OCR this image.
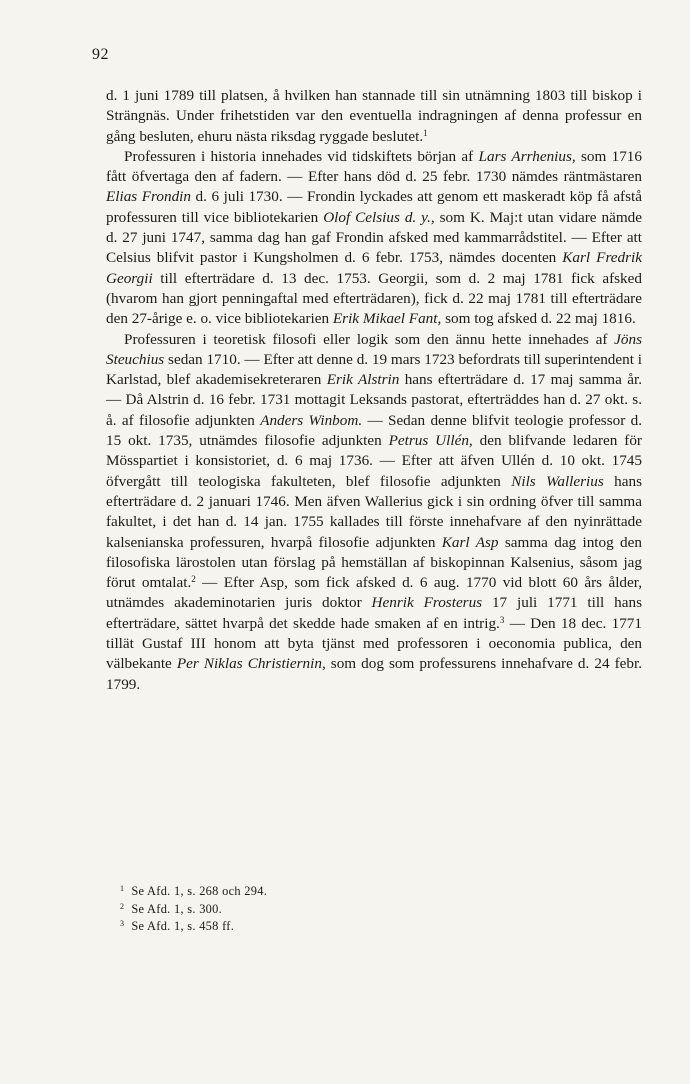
92

d. 1 juni 1789 till platsen, å hvilken han stannade till sin utnämning 1803 till biskop i Strängnäs. Under frihetstiden var den eventuella indragningen af denna professur en gång besluten, ehuru nästa riksdag ryggade beslutet.$^1$

Professuren i historia innehades vid tidskiftets början af Lars Arrhenius, som 1716 fått öfvertaga den af fadern. — Efter hans död d. 25 febr. 1730 nämdes räntmästaren Elias Frondin d. 6 juli 1730. — Frondin lyckades att genom ett maskeradt köp få afstå professuren till vice bibliotekarien Olof Celsius d. y., som K. Maj:t utan vidare nämde d. 27 juni 1747, samma dag han gaf Frondin afsked med kammarrådstitel. — Efter att Celsius blifvit pastor i Kungsholmen d. 6 febr. 1753, nämdes docenten Karl Fredrik Georgii till efterträdare d. 13 dec. 1753. Georgii, som d. 2 maj 1781 fick afsked (hvarom han gjort penningaftal med efterträdaren), fick d. 22 maj 1781 till efterträdare den 27-årige e. o. vice bibliotekarien Erik Mikael Fant, som tog afsked d. 22 maj 1816.

Professuren i teoretisk filosofi eller logik som den ännu hette innehades af Jöns Steuchius sedan 1710. — Efter att denne d. 19 mars 1723 befordrats till superintendent i Karlstad, blef akademisekreteraren Erik Alstrin hans efterträdare d. 17 maj samma år. — Då Alstrin d. 16 febr. 1731 mottagit Leksands pastorat, efterträddes han d. 27 okt. s. å. af filosofie adjunkten Anders Winbom. — Sedan denne blifvit teologie professor d. 15 okt. 1735, utnämdes filosofie adjunkten Petrus Ullén, den blifvande ledaren för Mösspartiet i konsistoriet, d. 6 maj 1736. — Efter att äfven Ullén d. 10 okt. 1745 öfvergått till teologiska fakulteten, blef filosofie adjunkten Nils Wallerius hans efterträdare d. 2 januari 1746. Men äfven Wallerius gick i sin ordning öfver till samma fakultet, i det han d. 14 jan. 1755 kallades till förste innehafvare af den nyinrättade kalsenianska professuren, hvarpå filosofie adjunkten Karl Asp samma dag intog den filosofiska lärostolen utan förslag på hemställan af biskopinnan Kalsenius, såsom jag förut omtalat.$^2$ — Efter Asp, som fick afsked d. 6 aug. 1770 vid blott 60 års ålder, utnämdes akademinotarien juris doktor Henrik Frosterus 17 juli 1771 till hans efterträdare, sättet hvarpå det skedde hade smaken af en intrig.$^3$ — Den 18 dec. 1771 tillät Gustaf III honom att byta tjänst med professoren i oeconomia publica, den välbekante Per Niklas Christiernin, som dog som professurens innehafvare d. 24 febr. 1799.

$^1$ Se Afd. 1, s. 268 och 294.
$^2$ Se Afd. 1, s. 300.
$^3$ Se Afd. 1, s. 458 ff.
